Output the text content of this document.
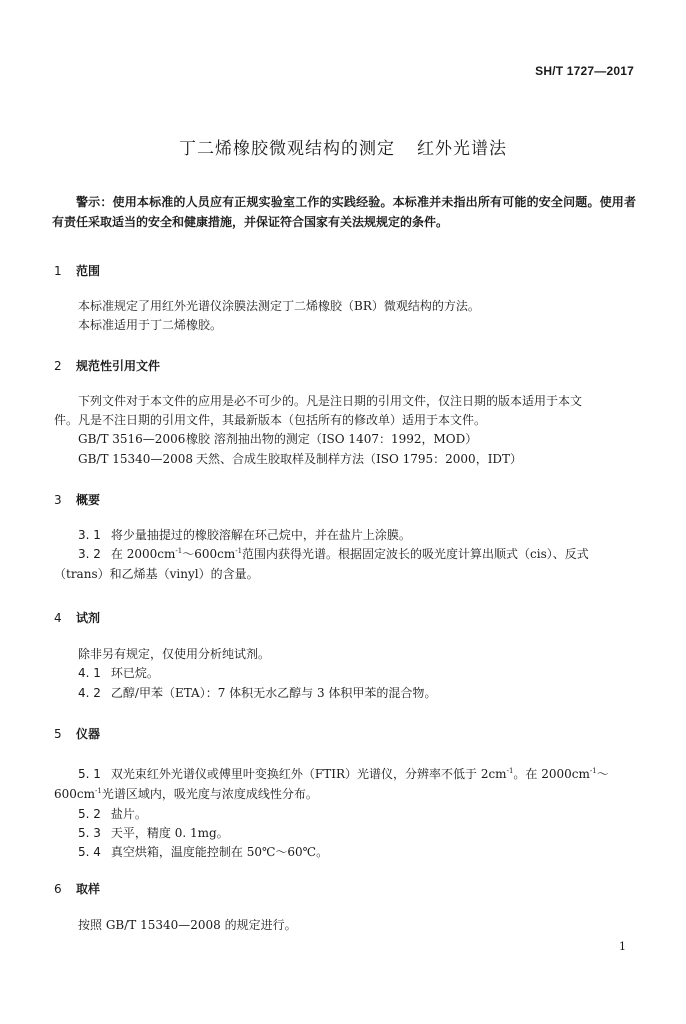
SH/T 1727—2017
丁二烯橡胶微观结构的测定 红外光谱法
警示：使用本标准的人员应有正规实验室工作的实践经验。本标准并未指出所有可能的安全问题。使用者有责任采取适当的安全和健康措施，并保证符合国家有关法规规定的条件。
1 范围
本标准规定了用红外光谱仪涂膜法测定丁二烯橡胶（BR）微观结构的方法。
本标准适用于丁二烯橡胶。
2 规范性引用文件
下列文件对于本文件的应用是必不可少的。凡是注日期的引用文件，仅注日期的版本适用于本文
件。凡是不注日期的引用文件，其最新版本（包括所有的修改单）适用于本文件。
GB/T 3516—2006橡胶 溶剂抽出物的测定（ISO 1407：1992，MOD）
GB/T 15340—2008 天然、合成生胶取样及制样方法（ISO 1795：2000，IDT）
3 概要
3. 1 将少量抽提过的橡胶溶解在环己烷中，并在盐片上涂膜。
3. 2 在 $2000cm^{-1}\sim 600cm^{-1}$范围内获得光谱。根据固定波长的吸光度计算出顺式（cis）、反式
（trans）和乙烯基（vinyl）的含量。
4 试剂
除非另有规定，仅使用分析纯试剂。
4. 1 环已烷。
4. 2 乙醇/甲苯（ETA）：7 体积无水乙醇与 3 体积甲苯的混合物。
5 仪器
5. 1 双光束红外光谱仪或傅里叶变换红外（FTIR）光谱仪，分辨率不低于 $2cm^{-1}$。在 $2000cm^{-1}\sim$
$600cm^{-1}$光谱区域内，吸光度与浓度成线性分布。
5. 2 盐片。
5. 3 天平，精度 0. 1mg。
5. 4 真空烘箱，温度能控制在 50℃～60℃。
6 取样
按照 GB/T 15340—2008 的规定进行。
1
